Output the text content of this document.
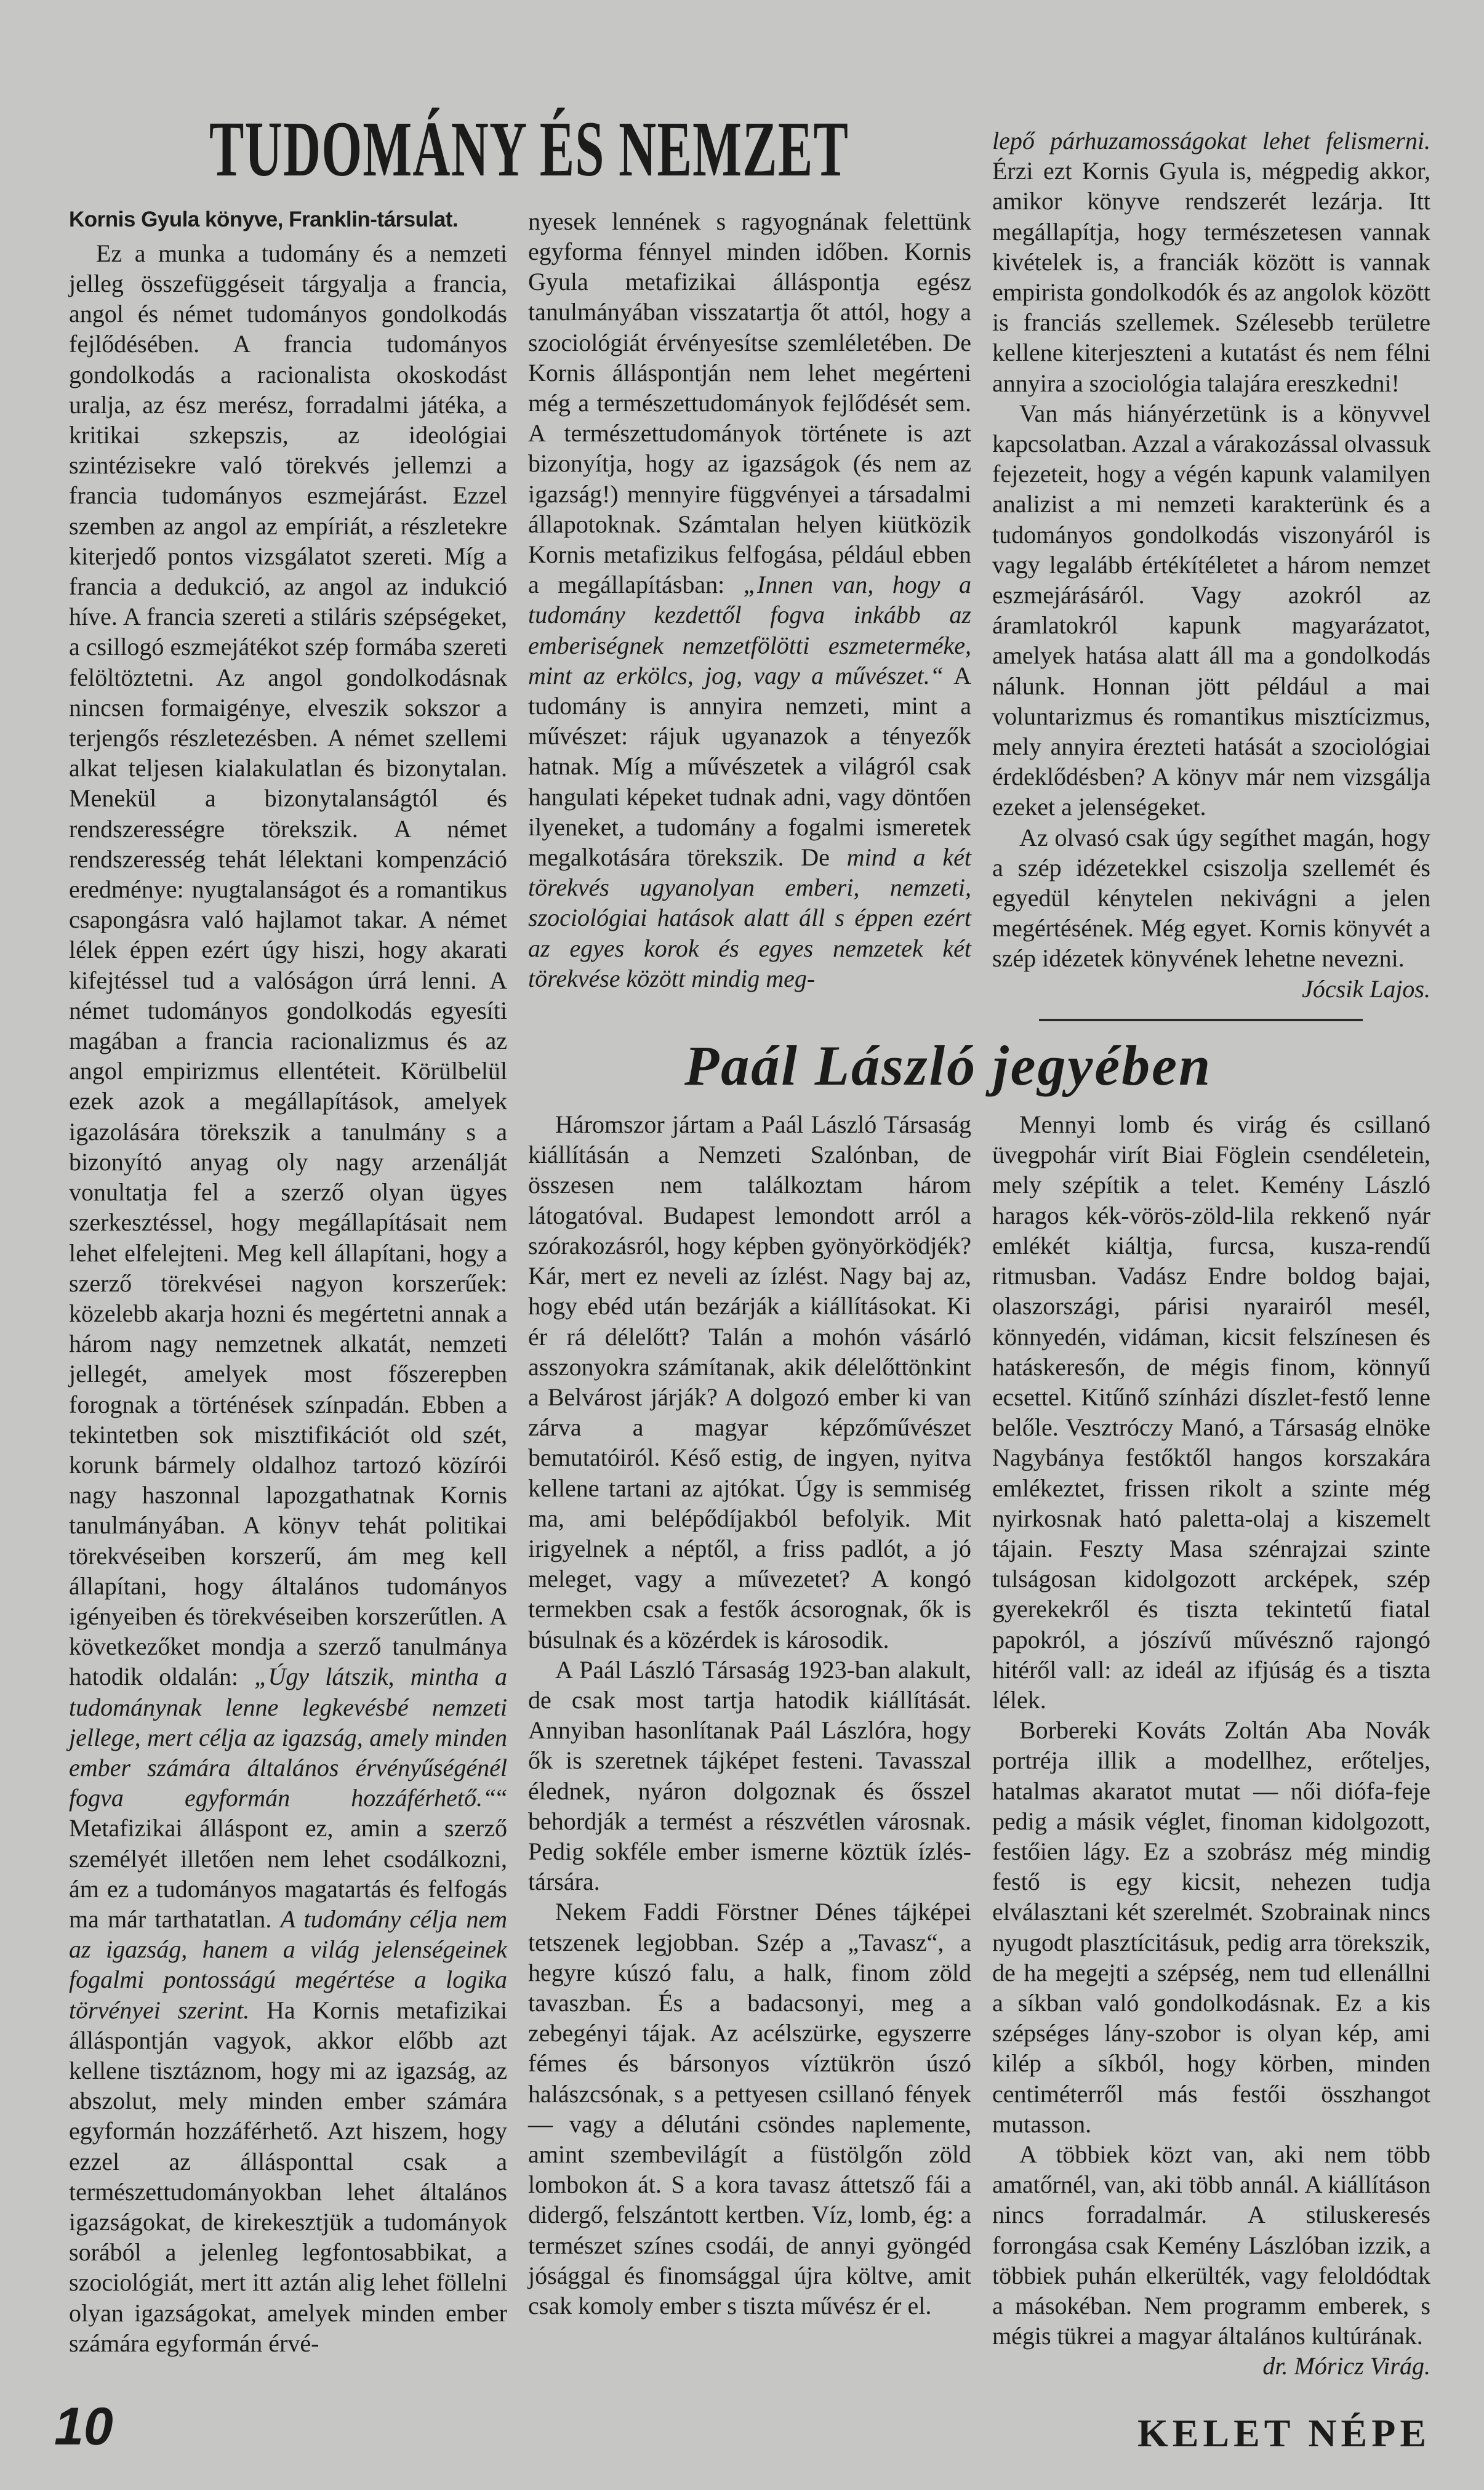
TUDOMÁNY ÉS NEMZET	lepő párhuzamosságokat lehet felismerni. Érzi ezt Kornis Gyula is, mégpedig akkor, amikor könyve rendszerét lezárja. Itt megállapítja, hogy természetesen vannak kivételek is, a franciák között is vannak empirista gondolkodók és az angolok között is franciás szellemek. Szélesebb területre kellene kiterjeszteni a kutatást és nem félni annyira a szociológia talajára ereszkedni!

Van más hiányérzetünk is a könyvvel kapcsolatban. Azzal a várakozással olvassuk fejezeteit, hogy a végén kapunk valamilyen analizist a mi nemzeti karakterünk és a tudományos gondolkodás viszonyáról is vagy legalább értékítéletet a három nemzet eszmejárásáról. Vagy azokról az áramlatokról kapunk magyarázatot, amelyek hatása alatt áll ma a gondolkodás nálunk. Honnan jött például a mai voluntarizmus és romantikus misztícizmus, mely annyira érezteti hatását a szociológiai érdeklődésben? A könyv már nem vizsgálja ezeket a jelenségeket.

Az olvasó csak úgy segíthet magán, hogy a szép idézetekkel csiszolja szellemét és egyedül kénytelen nekivágni a jelen megértésének. Még egyet. Kornis könyvét a szép idézetek könyvének lehetne nevezni.

Jócsik Lajos.
Kornis Gyula könyve, Franklin-társulat.

Ez a munka a tudomány és a nemzeti jelleg összefüggéseit tárgyalja a francia, angol és német tudományos gondolkodás fejlődésében. A francia tudományos gondolkodás a racionalista okoskodást uralja, az ész merész, forradalmi játéka, a kritikai szkepszis, az ideológiai szintézisekre való törekvés jellemzi a francia tudományos eszmejárást. Ezzel szemben az angol az empíriát, a részletekre kiterjedő pontos vizsgálatot szereti. Míg a francia a dedukció, az angol az indukció híve. A francia szereti a stiláris szépségeket, a csillogó eszmejátékot szép formába szereti felöltöztetni. Az angol gondolkodásnak nincsen formaigénye, elveszik sokszor a terjengős részletezésben. A német szellemi alkat teljesen kialakulatlan és bizonytalan. Menekül a bizonytalanságtól és rendszerességre törekszik. A német rendszeresség tehát lélektani kompenzáció eredménye: nyugtalanságot és a romantikus csapongásra való hajlamot takar. A német lélek éppen ezért úgy hiszi, hogy akarati kifejtéssel tud a valóságon úrrá lenni. A német tudományos gondolkodás egyesíti magában a francia racionalizmus és az angol empirizmus ellentéteit. Körülbelül ezek azok a megállapítások, amelyek igazolására törekszik a tanulmány s a bizonyító anyag oly nagy arzenálját vonultatja fel a szerző olyan ügyes szerkesztéssel, hogy megállapításait nem lehet elfelejteni. Meg kell állapítani, hogy a szerző törekvései nagyon korszerűek: közelebb akarja hozni és megértetni annak a három nagy nemzetnek alkatát, nemzeti jellegét, amelyek most főszerepben forognak a történések színpadán. Ebben a tekintetben sok misztifikációt old szét, korunk bármely oldalhoz tartozó közírói nagy haszonnal lapozgathatnak Kornis tanulmányában. A könyv tehát politikai törekvéseiben korszerű, ám meg kell állapítani, hogy általános tudományos igényeiben és törekvéseiben korszerűtlen. A következőket mondja a szerző tanulmánya hatodik oldalán: „Úgy látszik, mintha a tudománynak lenne legkevésbé nemzeti jellege, mert célja az igazság, amely minden ember számára általános érvényűségénél fogva egyformán hozzáférhető.““ Metafizikai álláspont ez, amin a szerző személyét illetően nem lehet csodálkozni, ám ez a tudományos magatartás és felfogás ma már tarthatatlan. A tudomány célja nem az igazság, hanem a világ jelenségeinek fogalmi pontosságú megértése a logika törvényei szerint. Ha Kornis metafizikai álláspontján vagyok, akkor előbb azt kellene tisztáznom, hogy mi az igazság, az abszolut, mely minden ember számára egyformán hozzáférhető. Azt hiszem, hogy ezzel az állásponttal csak a természettudományokban lehet általános igazságokat, de kirekesztjük a tudományok sorából a jelenleg legfontosabbikat, a szociológiát, mert itt aztán alig lehet föllelni olyan igazságokat, amelyek minden ember számára egyformán érvé-

nyesek lennének s ragyognának felettünk egyforma fénnyel minden időben. Kornis Gyula metafizikai álláspontja egész tanulmányában visszatartja őt attól, hogy a szociológiát érvényesítse szemléletében. De Kornis álláspontján nem lehet megérteni még a természettudományok fejlődését sem. A természettudományok története is azt bizonyítja, hogy az igazságok (és nem az igazság!) mennyire függvényei a társadalmi állapotoknak. Számtalan helyen kiütközik Kornis metafizikus felfogása, például ebben a megállapításban: „Innen van, hogy a tudomány kezdettől fogva inkább az emberiségnek nemzetfölötti eszmeterméke, mint az erkölcs, jog, vagy a művészet.“ A tudomány is annyira nemzeti, mint a művészet: rájuk ugyanazok a tényezők hatnak. Míg a művészetek a világról csak hangulati képeket tudnak adni, vagy döntően ilyeneket, a tudomány a fogalmi ismeretek megalkotására törekszik. De mind a két törekvés ugyanolyan emberi, nemzeti, szociológiai hatások alatt áll s éppen ezért az egyes korok és egyes nemzetek két törekvése között mindig meg-

Paál László jegyében

Háromszor jártam a Paál László Társaság kiállításán a Nemzeti Szalónban, de összesen nem találkoztam három látogatóval. Budapest lemondott arról a szórakozásról, hogy képben gyönyörködjék? Kár, mert ez neveli az ízlést. Nagy baj az, hogy ebéd után bezárják a kiállításokat. Ki ér rá délelőtt? Talán a mohón vásárló asszonyokra számítanak, akik délelőttönkint a Belvárost járják? A dolgozó ember ki van zárva a magyar képzőművészet bemutatóiról. Késő estig, de ingyen, nyitva kellene tartani az ajtókat. Úgy is semmiség ma, ami belépődíjakból befolyik. Mit irigyelnek a néptől, a friss padlót, a jó meleget, vagy a művezetet? A kongó termekben csak a festők ácsorognak, ők is búsulnak és a közérdek is károsodik.

A Paál László Társaság 1923-ban alakult, de csak most tartja hatodik kiállítását. Annyiban hasonlítanak Paál Lászlóra, hogy ők is szeretnek tájképet festeni. Tavasszal élednek, nyáron dolgoznak és ősszel behordják a termést a részvétlen városnak. Pedig sokféle ember ismerne köztük ízlés-társára.

Nekem Faddi Förstner Dénes tájképei tetszenek legjobban. Szép a „Tavasz“, a hegyre kúszó falu, a halk, finom zöld tavaszban. És a badacsonyi, meg a zebegényi tájak. Az acélszürke, egyszerre fémes és bársonyos víztükrön úszó halászcsónak, s a pettyesen csillanó fények — vagy a délutáni csöndes naplemente, amint szembevilágít a füstölgőn zöld lombokon át. S a kora tavasz áttetsző fái a didergő, felszántott kertben. Víz, lomb, ég: a természet színes csodái, de annyi gyöngéd jósággal és finomsággal újra költve, amit csak komoly ember s tiszta művész ér el.

Mennyi lomb és virág és csillanó üvegpohár virít Biai Föglein csendéletein, mely szépítik a telet. Kemény László haragos kék-vörös-zöld-lila rekkenő nyár emlékét kiáltja, furcsa, kusza-rendű ritmusban. Vadász Endre boldog bajai, olaszországi, párisi nyarairól mesél, könnyedén, vidáman, kicsit felszínesen és hatáskeresőn, de mégis finom, könnyű ecsettel. Kitűnő színházi díszlet-festő lenne belőle. Vesztróczy Manó, a Társaság elnöke Nagybánya festőktől hangos korszakára emlékeztet, frissen rikolt a szinte még nyirkosnak ható paletta-olaj a kiszemelt tájain. Feszty Masa szénrajzai szinte tulságosan kidolgozott arcképek, szép gyerekekről és tiszta tekintetű fiatal papokról, a jószívű művésznő rajongó hitéről vall: az ideál az ifjúság és a tiszta lélek.

Borbereki Kováts Zoltán Aba Novák portréja illik a modellhez, erőteljes, hatalmas akaratot mutat — női diófa-feje pedig a másik véglet, finoman kidolgozott, festőien lágy. Ez a szobrász még mindig festő is egy kicsit, nehezen tudja elválasztani két szerelmét. Szobrainak nincs nyugodt plasztícitásuk, pedig arra törekszik, de ha megejti a szépség, nem tud ellenállni a síkban való gondolkodásnak. Ez a kis szépséges lány-szobor is olyan kép, ami kilép a síkból, hogy körben, minden centiméterről más festői összhangot mutasson.

A többiek közt van, aki nem több amatőrnél, van, aki több annál. A kiállításon nincs forradalmár. A stiluskeresés forrongása csak Kemény Lászlóban izzik, a többiek puhán elkerülték, vagy feloldódtak a másokéban. Nem programm emberek, s mégis tükrei a magyar általános kultúrának.

dr. Móricz Virág.
10	KELET NÉPE
